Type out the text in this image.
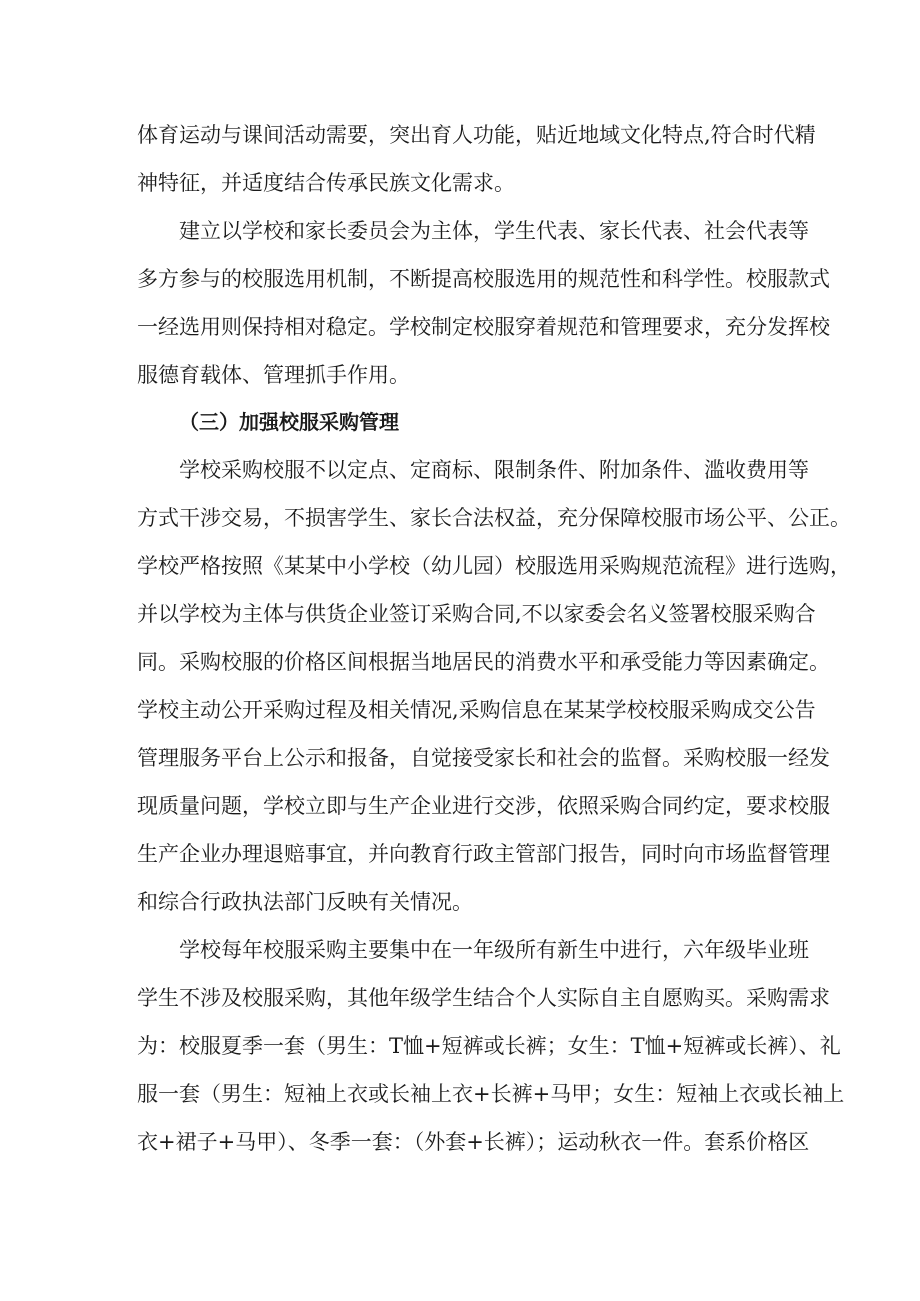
体育运动与课间活动需要，突出育人功能，贴近地域文化特点,符合时代精
神特征，并适度结合传承民族文化需求。
建立以学校和家长委员会为主体，学生代表、家长代表、社会代表等
多方参与的校服选用机制，不断提高校服选用的规范性和科学性。校服款式
一经选用则保持相对稳定。学校制定校服穿着规范和管理要求，充分发挥校
服德育载体、管理抓手作用。
（三）加强校服采购管理
学校采购校服不以定点、定商标、限制条件、附加条件、滥收费用等
方式干涉交易，不损害学生、家长合法权益，充分保障校服市场公平、公正。
学校严格按照《某某中小学校（幼儿园）校服选用采购规范流程》进行选购，
并以学校为主体与供货企业签订采购合同,不以家委会名义签署校服采购合
同。采购校服的价格区间根据当地居民的消费水平和承受能力等因素确定。
学校主动公开采购过程及相关情况,采购信息在某某学校校服采购成交公告
管理服务平台上公示和报备，自觉接受家长和社会的监督。采购校服一经发
现质量问题，学校立即与生产企业进行交涉，依照采购合同约定，要求校服
生产企业办理退赔事宜，并向教育行政主管部门报告，同时向市场监督管理
和综合行政执法部门反映有关情况。
学校每年校服采购主要集中在一年级所有新生中进行，六年级毕业班
学生不涉及校服采购，其他年级学生结合个人实际自主自愿购买。采购需求
为：校服夏季一套（男生：T恤+短裤或长裤；女生：T恤+短裤或长裤）、礼
服一套（男生：短袖上衣或长袖上衣+长裤+马甲；女生：短袖上衣或长袖上
衣+裙子+马甲）、冬季一套：（外套+长裤）；运动秋衣一件。套系价格区
